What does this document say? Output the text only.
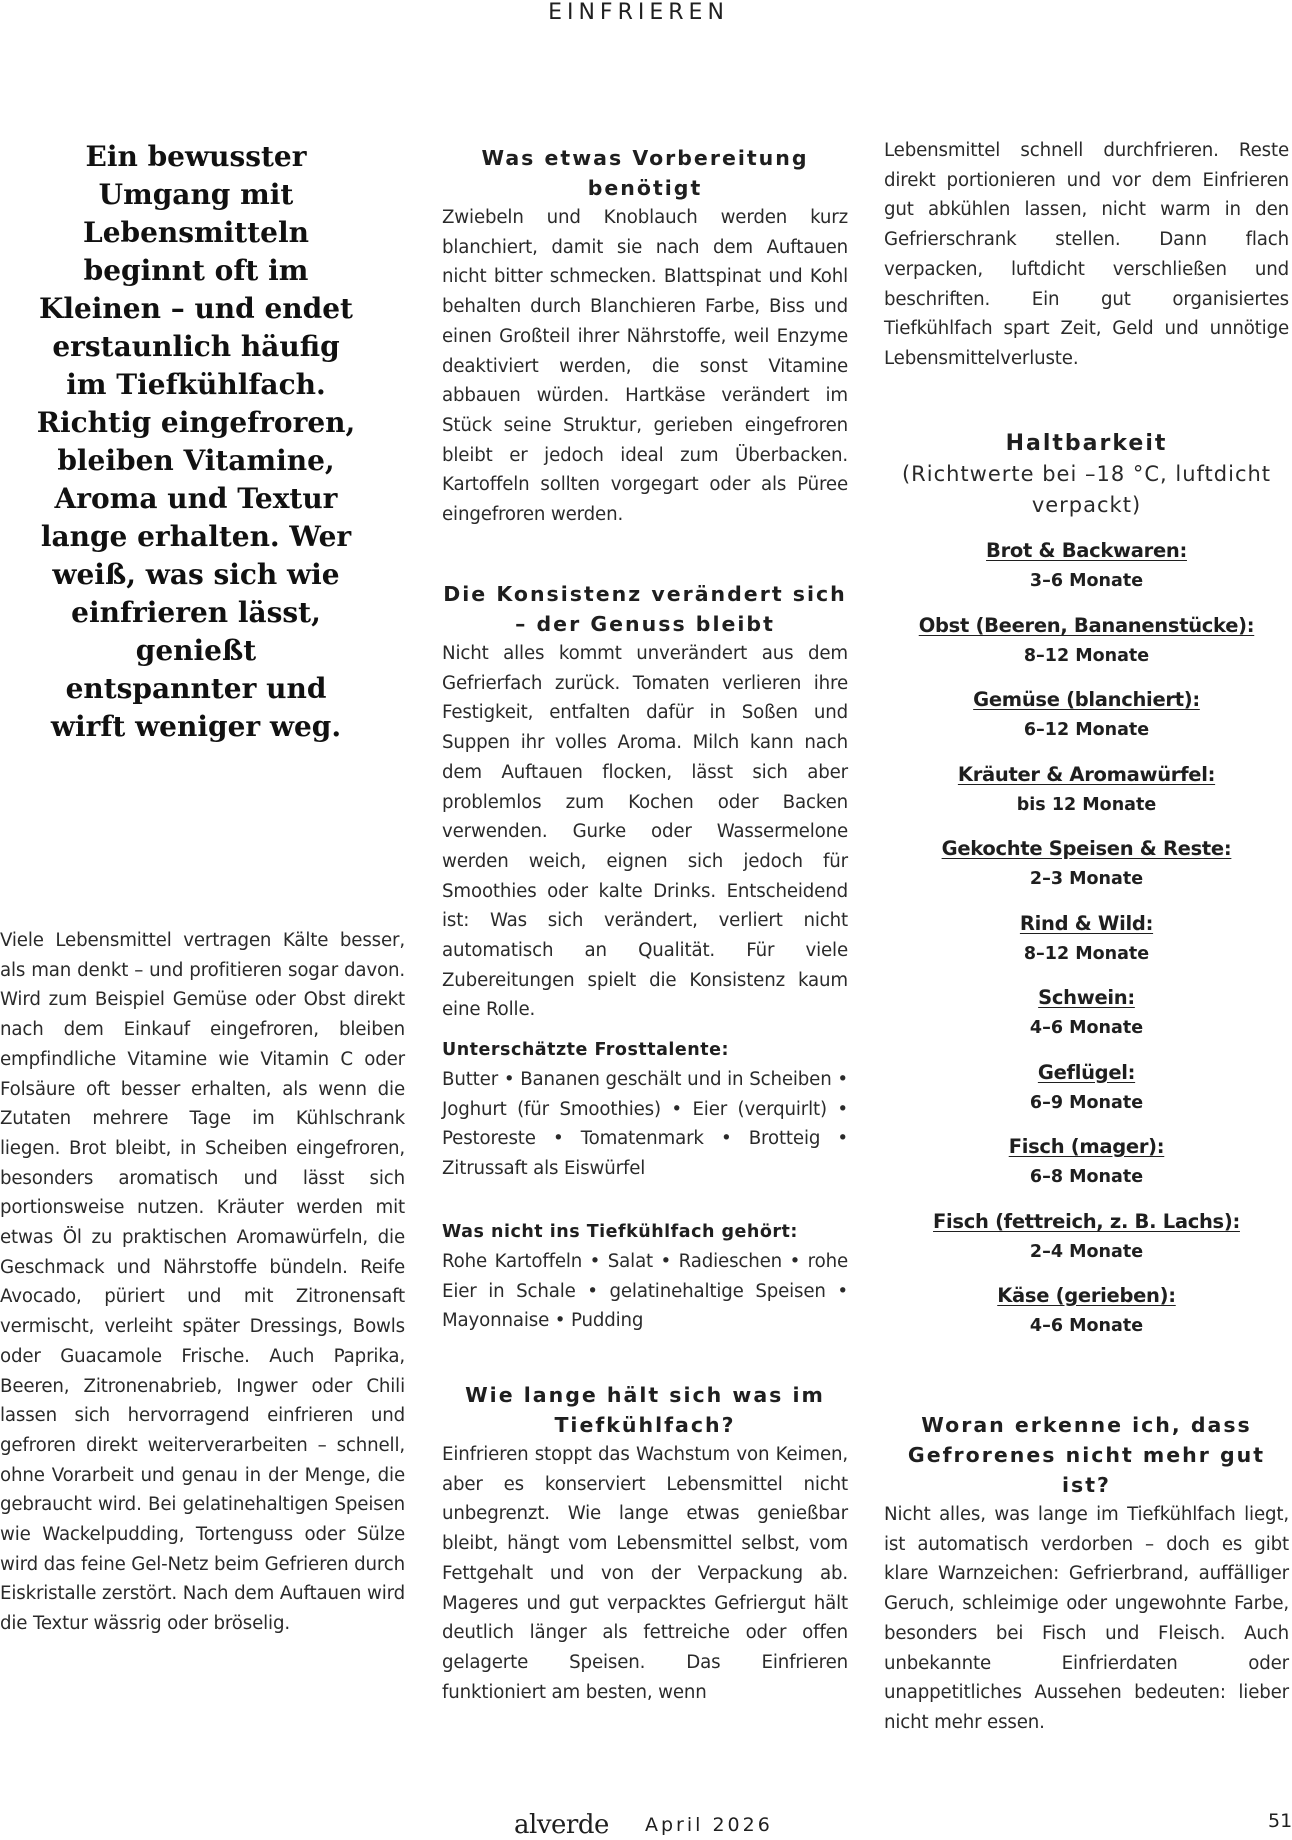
EINFRIEREN
Ein bewusster Umgang mit Lebensmitteln beginnt oft im Kleinen – und endet erstaunlich häufig im Tiefkühlfach. Richtig eingefroren, bleiben Vitamine, Aroma und Textur lange erhalten. Wer weiß, was sich wie einfrieren lässt, genießt entspannter und wirft weniger weg.

Viele Lebensmittel vertragen Kälte besser, als man denkt – und profitieren sogar davon. Wird zum Beispiel Gemüse oder Obst direkt nach dem Einkauf eingefroren, bleiben empfindliche Vitamine wie Vitamin C oder Folsäure oft besser erhalten, als wenn die Zutaten mehrere Tage im Kühlschrank liegen. Brot bleibt, in Scheiben eingefroren, besonders aromatisch und lässt sich portionsweise nutzen. Kräuter werden mit etwas Öl zu praktischen Aromawürfeln, die Geschmack und Nährstoffe bündeln. Reife Avocado, püriert und mit Zitronensaft vermischt, verleiht später Dressings, Bowls oder Guacamole Frische. Auch Paprika, Beeren, Zitronenabrieb, Ingwer oder Chili lassen sich hervorragend einfrieren und gefroren direkt weiterverarbeiten – schnell, ohne Vorarbeit und genau in der Menge, die gebraucht wird. Bei gelatinehaltigen Speisen wie Wackelpudding, Tortenguss oder Sülze wird das feine Gel-Netz beim Gefrieren durch Eiskristalle zerstört. Nach dem Auftauen wird die Textur wässrig oder bröselig.

Was etwas Vorbereitung benötigt

Zwiebeln und Knoblauch werden kurz blanchiert, damit sie nach dem Auftauen nicht bitter schmecken. Blattspinat und Kohl behalten durch Blanchieren Farbe, Biss und einen Großteil ihrer Nährstoffe, weil Enzyme deaktiviert werden, die sonst Vitamine abbauen würden. Hartkäse verändert im Stück seine Struktur, gerieben eingefroren bleibt er jedoch ideal zum Überbacken. Kartoffeln sollten vorgegart oder als Püree eingefroren werden.

Die Konsistenz verändert sich – der Genuss bleibt

Nicht alles kommt unverändert aus dem Gefrierfach zurück. Tomaten verlieren ihre Festigkeit, entfalten dafür in Soßen und Suppen ihr volles Aroma. Milch kann nach dem Auftauen flocken, lässt sich aber problemlos zum Kochen oder Backen verwenden. Gurke oder Wassermelone werden weich, eignen sich jedoch für Smoothies oder kalte Drinks. Entscheidend ist: Was sich verändert, verliert nicht automatisch an Qualität. Für viele Zubereitungen spielt die Konsistenz kaum eine Rolle.

Unterschätzte Frosttalente:

Butter • Bananen geschält und in Scheiben • Joghurt (für Smoothies) • Eier (verquirlt) • Pestoreste • Tomatenmark • Brotteig • Zitrussaft als Eiswürfel

Was nicht ins Tiefkühlfach gehört:

Rohe Kartoffeln • Salat • Radieschen • rohe Eier in Schale • gelatinehaltige Speisen • Mayonnaise • Pudding

Wie lange hält sich was im Tiefkühlfach?

Einfrieren stoppt das Wachstum von Keimen, aber es konserviert Lebensmittel nicht unbegrenzt. Wie lange etwas genießbar bleibt, hängt vom Lebensmittel selbst, vom Fettgehalt und von der Verpackung ab. Mageres und gut verpacktes Gefriergut hält deutlich länger als fettreiche oder offen gelagerte Speisen. Das Einfrieren funktioniert am besten, wenn

Lebensmittel schnell durchfrieren. Reste direkt portionieren und vor dem Einfrieren gut abkühlen lassen, nicht warm in den Gefrierschrank stellen. Dann flach verpacken, luftdicht verschließen und beschriften. Ein gut organisiertes Tiefkühlfach spart Zeit, Geld und unnötige Lebensmittelverluste.

Haltbarkeit
(Richtwerte bei –18 °C, luftdicht verpackt)
Brot & Backwaren:
3–6 Monate
Obst (Beeren, Bananenstücke):
8–12 Monate
Gemüse (blanchiert):
6–12 Monate
Kräuter & Aromawürfel:
bis 12 Monate
Gekochte Speisen & Reste:
2–3 Monate
Rind & Wild:
8–12 Monate
Schwein:
4–6 Monate
Geflügel:
6–9 Monate
Fisch (mager):
6–8 Monate
Fisch (fettreich, z. B. Lachs):
2–4 Monate
Käse (gerieben):
4–6 Monate
Woran erkenne ich, dass Gefrorenes nicht mehr gut ist?

Nicht alles, was lange im Tiefkühlfach liegt, ist automatisch verdorben – doch es gibt klare Warnzeichen: Gefrierbrand, auffälliger Geruch, schleimige oder ungewohnte Farbe, besonders bei Fisch und Fleisch. Auch unbekannte Einfrierdaten oder unappetitliches Aussehen bedeuten: lieber nicht mehr essen.

alverde April 2026	51
